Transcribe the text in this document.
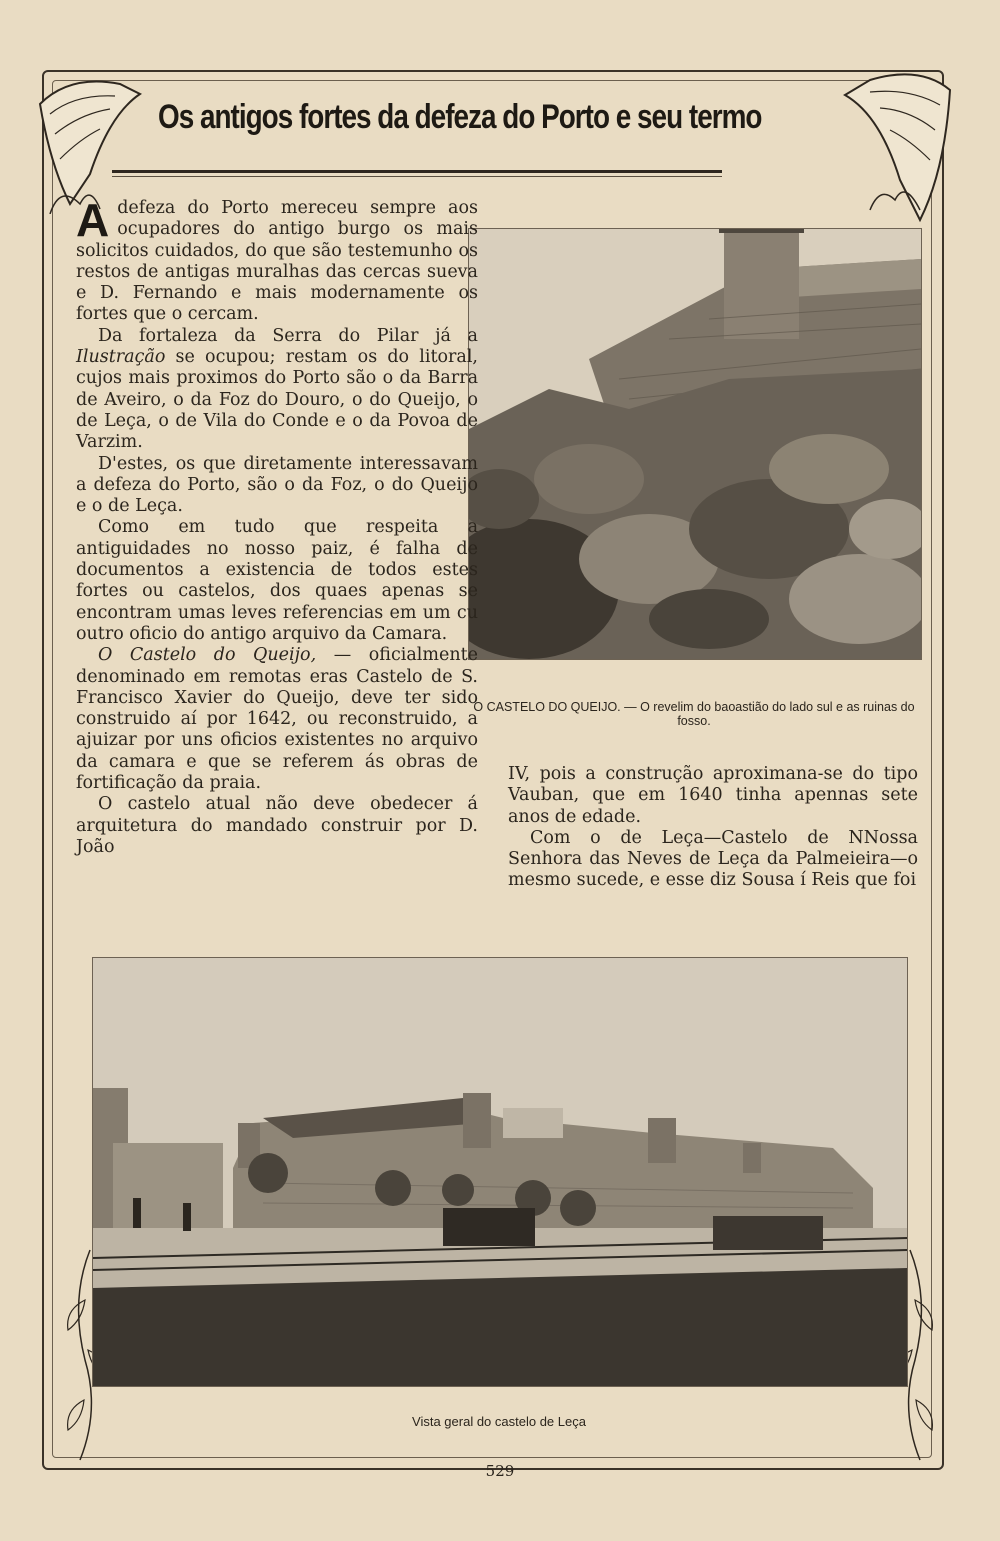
Os antigos fortes da defeza do Porto e seu termo
O CASTELO DO QUEIJO. — O revelim do baoastião do lado sul e as ruinas do fosso.

Adefeza do Porto mereceu sempre aos ocupadores do antigo burgo os mais solicitos cuidados, do que são testemunho os restos de antigas muralhas das cercas sueva e D. Fernando e mais modernamente os fortes que o cercam.

Da fortaleza da Serra do Pilar já a Ilustração se ocupou; restam os do litoral, cujos mais proximos do Porto são o da Barra de Aveiro, o da Foz do Douro, o do Queijo, o de Leça, o de Vila do Conde e o da Povoa de Varzim.

D'estes, os que diretamente interessavam a defeza do Porto, são o da Foz, o do Queijo e o de Leça.

Como em tudo que respeita a antiguidades no nosso paiz, é falha de documentos a existencia de todos estes fortes ou castelos, dos quaes apenas se encontram umas leves referencias em um cu outro oficio do antigo arquivo da Camara.

O Castelo do Queijo, — oficialmente denominado em remotas eras Castelo de S. Francisco Xavier do Queijo, deve ter sido construido aí por 1642, ou reconstruido, a ajuizar por uns oficios existentes no arquivo da camara e que se referem ás obras de fortificação da praia.

O castelo atual não deve obedecer á arquitetura do mandado construir por D. João

IV, pois a construção aproximana-se do tipo Vauban, que em 1640 tinha apennas sete anos de edade.

Com o de Leça—Castelo de NNossa Senhora das Neves de Leça da Palmeieira—o mesmo sucede, e esse diz Sousa í Reis que foi

Vista geral do castelo de Leça
529
